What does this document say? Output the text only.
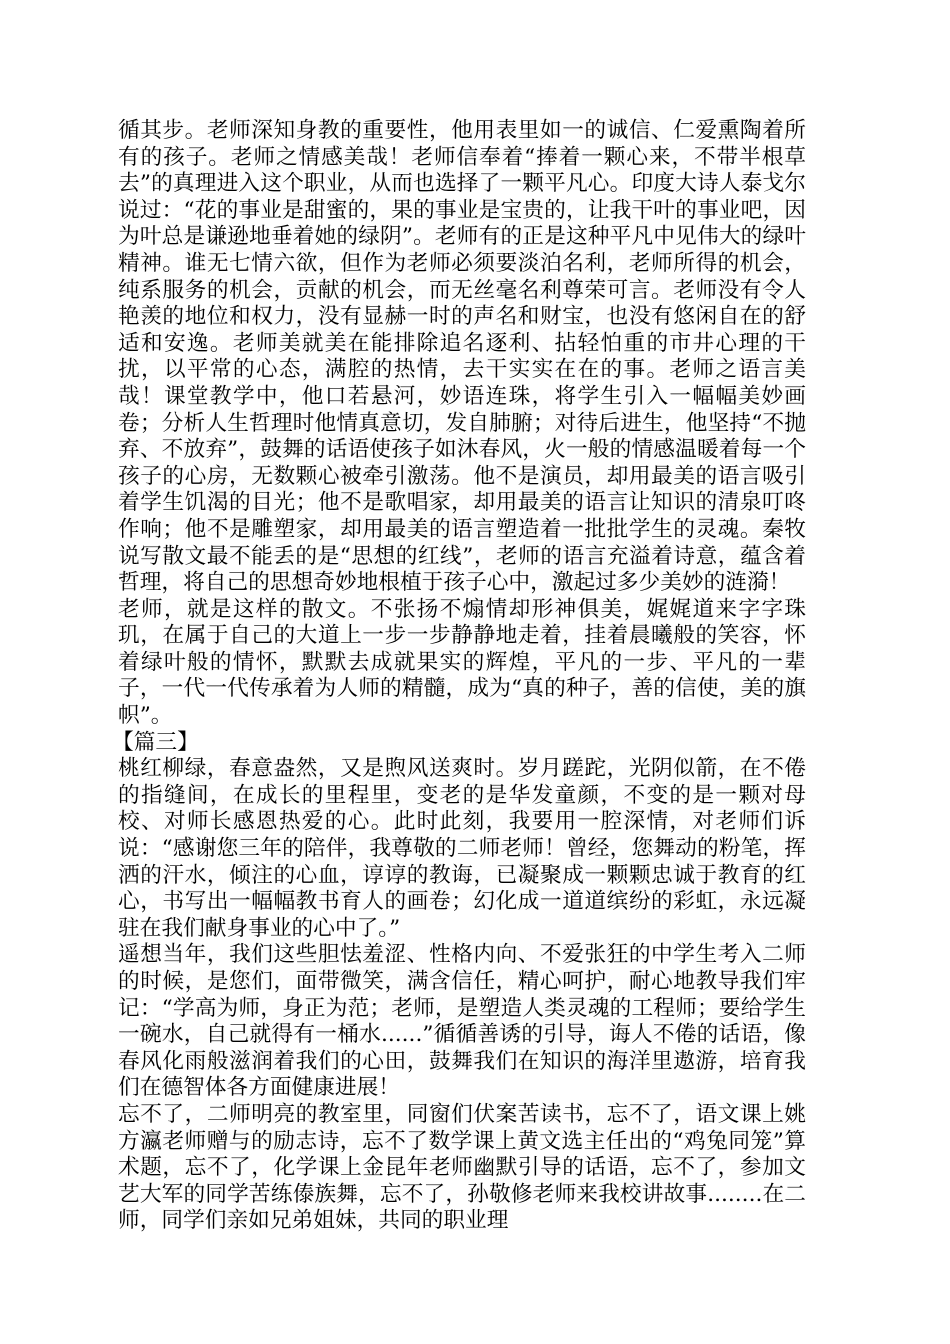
循其步。老师深知身教的重要性，他用表里如一的诚信、仁爱熏陶着所有的孩子。老师之情感美哉！老师信奉着“捧着一颗心来，不带半根草去”的真理进入这个职业，从而也选择了一颗平凡心。印度大诗人泰戈尔说过：“花的事业是甜蜜的，果的事业是宝贵的，让我干叶的事业吧，因为叶总是谦逊地垂着她的绿阴”。老师有的正是这种平凡中见伟大的绿叶精神。谁无七情六欲，但作为老师必须要淡泊名利，老师所得的机会，纯系服务的机会，贡献的机会，而无丝毫名利尊荣可言。老师没有令人艳羡的地位和权力，没有显赫一时的声名和财宝，也没有悠闲自在的舒适和安逸。老师美就美在能排除追名逐利、拈轻怕重的市井心理的干扰，以平常的心态，满腔的热情，去干实实在在的事。老师之语言美哉！课堂教学中，他口若悬河，妙语连珠，将学生引入一幅幅美妙画卷；分析人生哲理时他情真意切，发自肺腑；对待后进生，他坚持“不抛弃、不放弃”，鼓舞的话语使孩子如沐春风，火一般的情感温暖着每一个孩子的心房，无数颗心被牵引激荡。他不是演员，却用最美的语言吸引着学生饥渴的目光；他不是歌唱家，却用最美的语言让知识的清泉叮咚作响；他不是雕塑家，却用最美的语言塑造着一批批学生的灵魂。秦牧说写散文最不能丢的是“思想的红线”，老师的语言充溢着诗意，蕴含着哲理，将自己的思想奇妙地根植于孩子心中，激起过多少美妙的涟漪！

老师，就是这样的散文。不张扬不煽情却形神俱美，娓娓道来字字珠玑，在属于自己的大道上一步一步静静地走着，挂着晨曦般的笑容，怀着绿叶般的情怀，默默去成就果实的辉煌，平凡的一步、平凡的一辈子，一代一代传承着为人师的精髓，成为“真的种子，善的信使，美的旗帜”。

【篇三】

桃红柳绿，春意盎然，又是煦风送爽时。岁月蹉跎，光阴似箭，在不倦的指缝间，在成长的里程里，变老的是华发童颜，不变的是一颗对母校、对师长感恩热爱的心。此时此刻，我要用一腔深情，对老师们诉说：“感谢您三年的陪伴，我尊敬的二师老师！曾经，您舞动的粉笔，挥洒的汗水，倾注的心血，谆谆的教诲，已凝聚成一颗颗忠诚于教育的红心，书写出一幅幅教书育人的画卷；幻化成一道道缤纷的彩虹，永远凝驻在我们献身事业的心中了。”

遥想当年，我们这些胆怯羞涩、性格内向、不爱张狂的中学生考入二师的时候，是您们，面带微笑，满含信任，精心呵护，耐心地教导我们牢记：“学高为师，身正为范；老师，是塑造人类灵魂的工程师；要给学生一碗水，自己就得有一桶水......”循循善诱的引导，诲人不倦的话语，像春风化雨般滋润着我们的心田，鼓舞我们在知识的海洋里遨游，培育我们在德智体各方面健康进展！

忘不了，二师明亮的教室里，同窗们伏案苦读书，忘不了，语文课上姚方瀛老师赠与的励志诗，忘不了数学课上黄文选主任出的“鸡兔同笼”算术题，忘不了，化学课上金昆年老师幽默引导的话语，忘不了，参加文艺大军的同学苦练傣族舞，忘不了，孙敬修老师来我校讲故事........在二师，同学们亲如兄弟姐妹，共同的职业理
